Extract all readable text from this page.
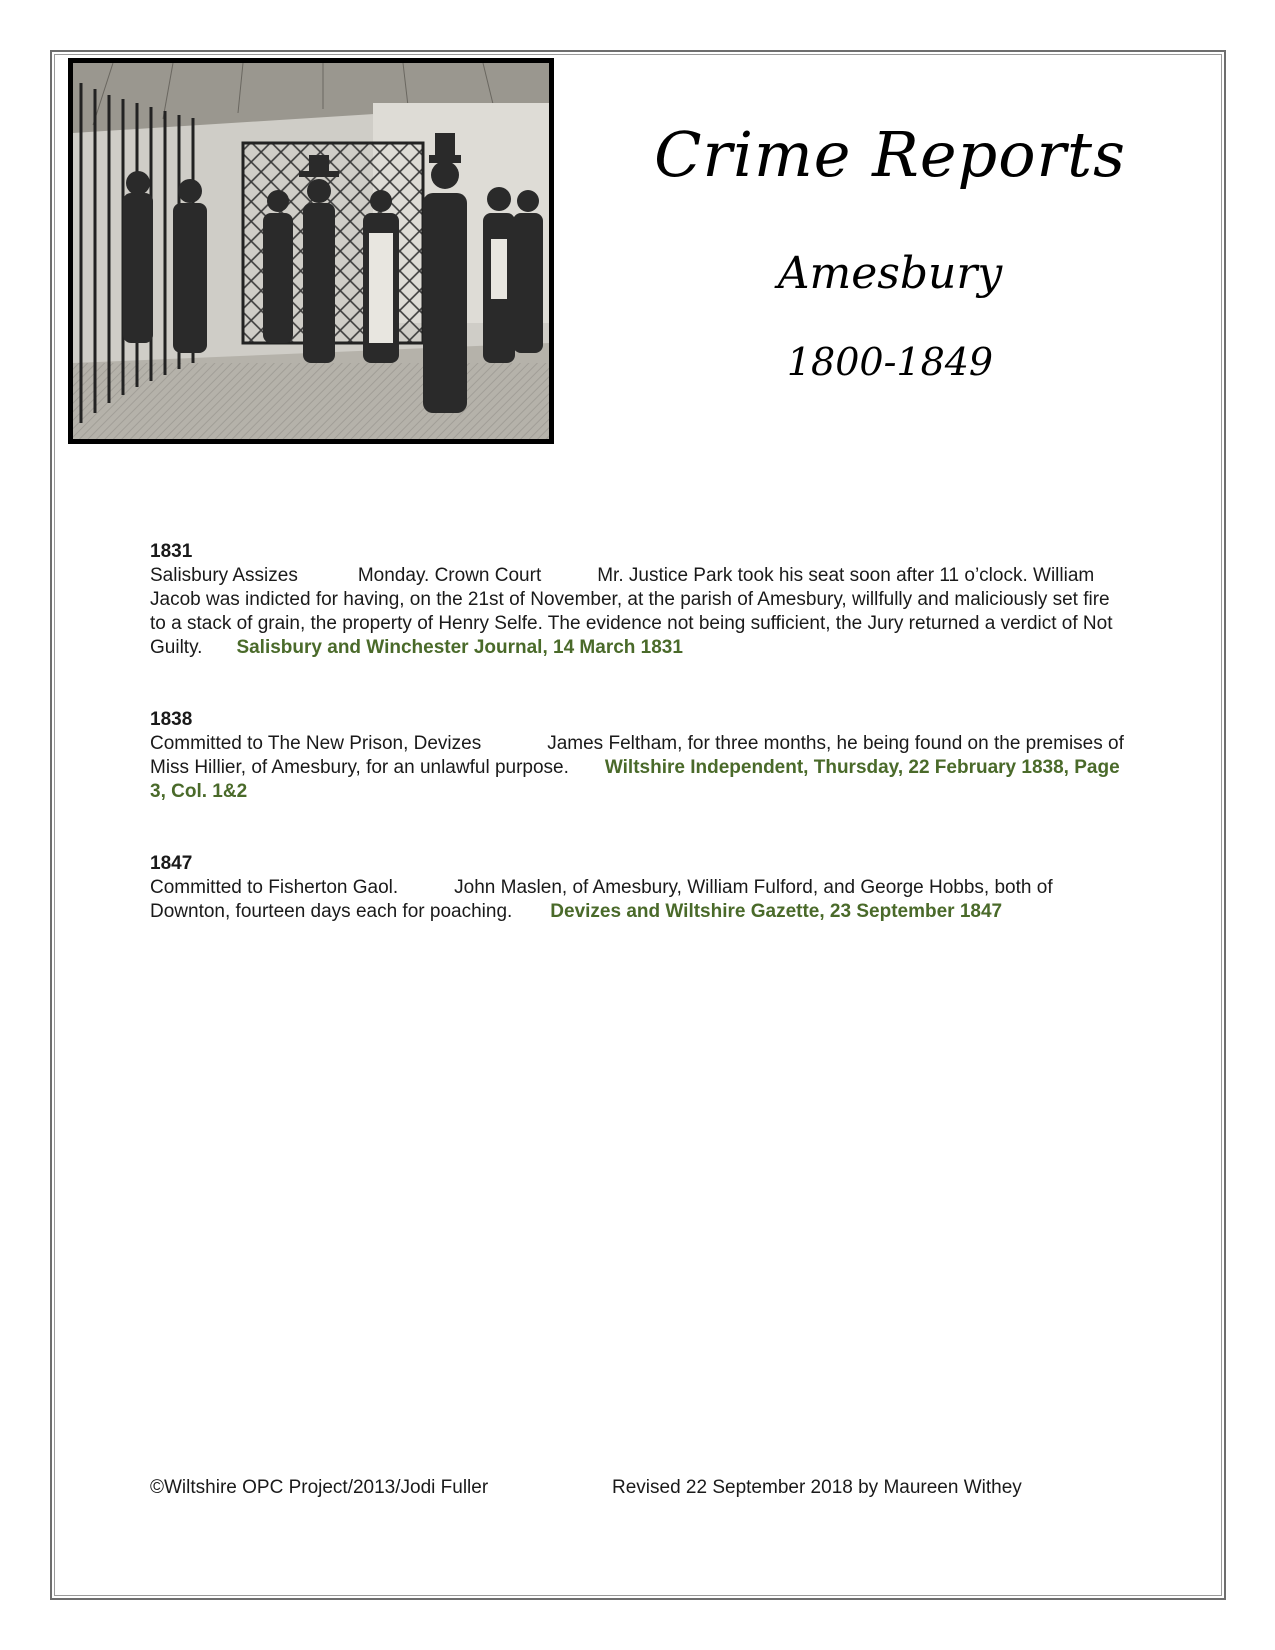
Crime Reports
Amesbury
1800-1849
1831
Salisbury Assizes	Monday. Crown Court	Mr. Justice Park took his seat soon after 11 o’clock. William Jacob was indicted for having, on the 21st of November, at the parish of Amesbury, willfully and maliciously set fire to a stack of grain, the property of Henry Selfe. The evidence not being sufficient, the Jury returned a verdict of Not Guilty. Salisbury and Winchester Journal, 14 March 1831
1838
Committed to The New Prison, Devizes	James Feltham, for three months, he being found on the premises of Miss Hillier, of Amesbury, for an unlawful purpose. Wiltshire Independent, Thursday, 22 February 1838, Page 3, Col. 1&2
1847
Committed to Fisherton Gaol.	John Maslen, of Amesbury, William Fulford, and George Hobbs, both of Downton, fourteen days each for poaching. Devizes and Wiltshire Gazette, 23 September 1847
©Wiltshire OPC Project/2013/Jodi Fuller	Revised 22 September 2018 by Maureen Withey
